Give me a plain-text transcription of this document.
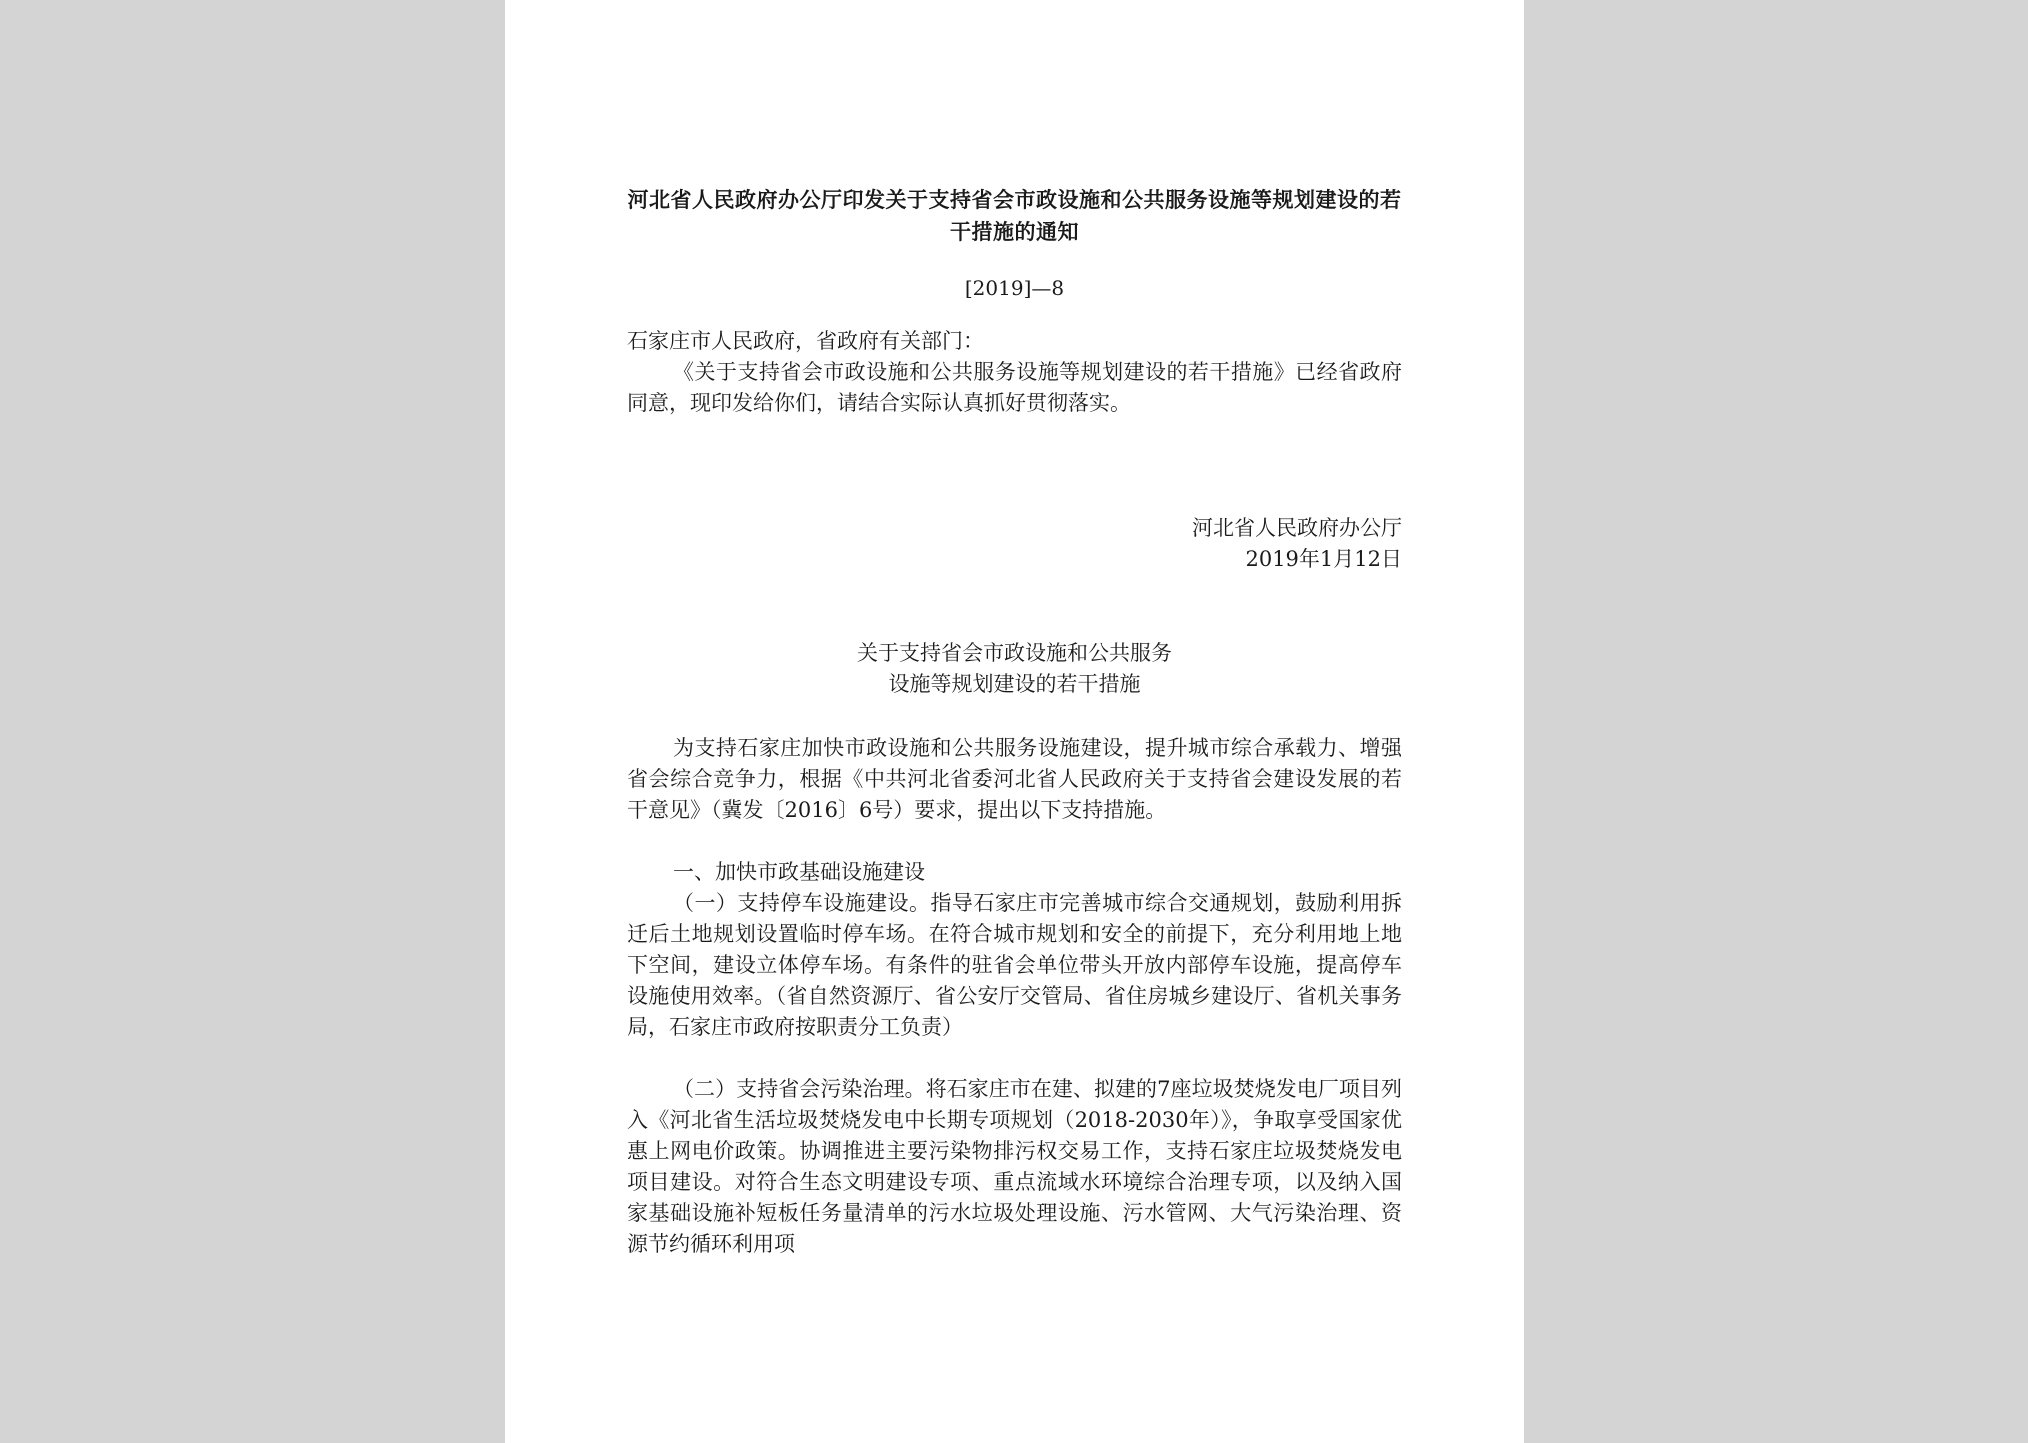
河北省人民政府办公厅印发关于支持省会市政设施和公共服务设施等规划建设的若干措施的通知
[2019]—8

石家庄市人民政府，省政府有关部门：

《关于支持省会市政设施和公共服务设施等规划建设的若干措施》已经省政府同意，现印发给你们，请结合实际认真抓好贯彻落实。

河北省人民政府办公厅

2019年1月12日

关于支持省会市政设施和公共服务

设施等规划建设的若干措施

为支持石家庄加快市政设施和公共服务设施建设，提升城市综合承载力、增强省会综合竞争力，根据《中共河北省委河北省人民政府关于支持省会建设发展的若干意见》（冀发〔2016〕6号）要求，提出以下支持措施。

一、加快市政基础设施建设

（一）支持停车设施建设。指导石家庄市完善城市综合交通规划，鼓励利用拆迁后土地规划设置临时停车场。在符合城市规划和安全的前提下，充分利用地上地下空间，建设立体停车场。有条件的驻省会单位带头开放内部停车设施，提高停车设施使用效率。（省自然资源厅、省公安厅交管局、省住房城乡建设厅、省机关事务局，石家庄市政府按职责分工负责）

（二）支持省会污染治理。将石家庄市在建、拟建的7座垃圾焚烧发电厂项目列入《河北省生活垃圾焚烧发电中长期专项规划（2018-2030年）》，争取享受国家优惠上网电价政策。协调推进主要污染物排污权交易工作，支持石家庄垃圾焚烧发电项目建设。对符合生态文明建设专项、重点流域水环境综合治理专项，以及纳入国家基础设施补短板任务量清单的污水垃圾处理设施、污水管网、大气污染治理、资源节约循环利用项
